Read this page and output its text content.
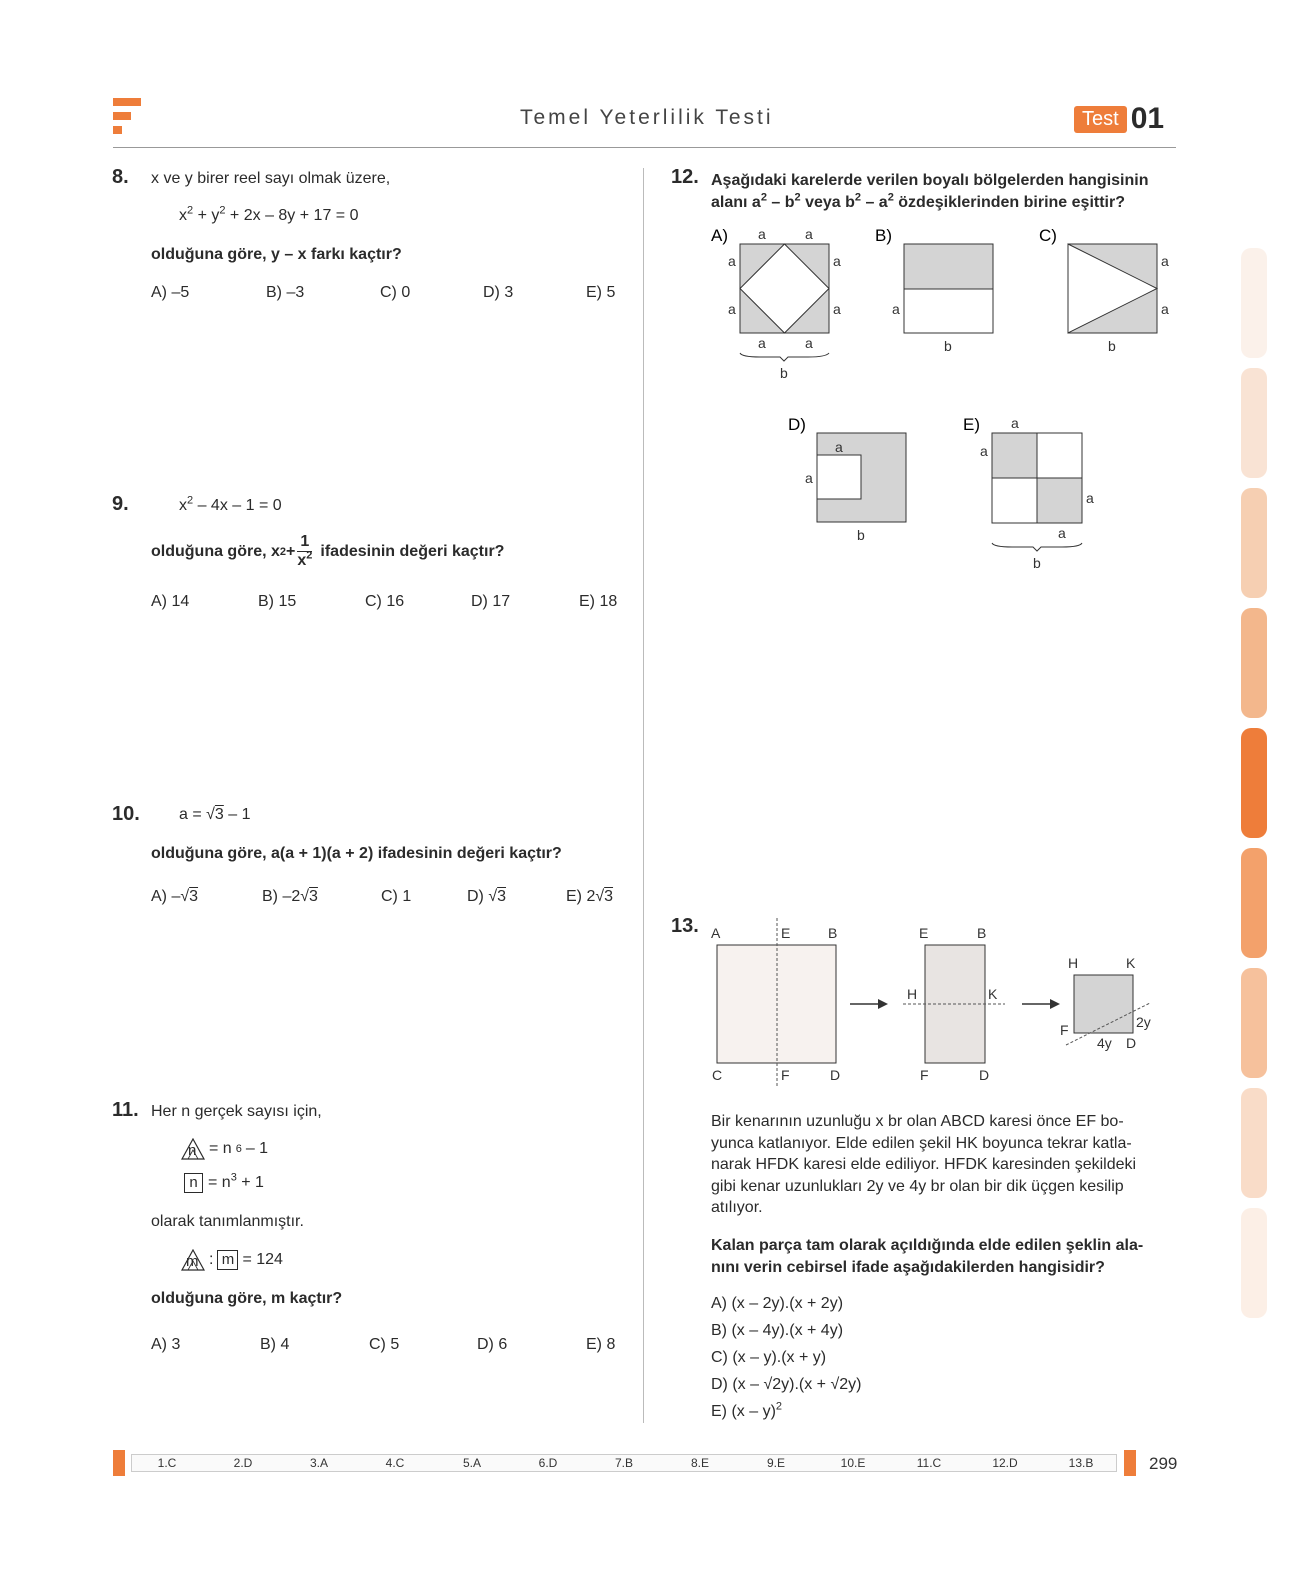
Temel Yeterlilik Testi	Test 01
8. x ve y birer reel sayı olmak üzere,
$x^2 + y^2 + 2x - 8y + 17 = 0$
olduğuna göre, y – x farkı kaçtır?
A) –5	B) –3	C) 0	D) 3	E) 5
9.	$x^2 - 4x - 1 = 0$
olduğuna göre, x $2 + \frac{1}{x^2}$ ifadesinin değeri kaçtır?
A) 14	B) 15	C) 16	D) 17	E) 18
10. a = √3 – 1
olduğuna göre, a(a + 1)(a + 2) ifadesinin değeri kaçtır?
A) –√3	B) –2√3	C) 1	D) √3	E) 2√3
11. Her n gerçek sayısı için,
n = n 6 – 1
$n = n^3 + 1$
olarak tanımlanmıştır.
m : m = 124
olduğuna göre, m kaçtır?
A) 3	B) 4	C) 5	D) 6	E) 8
12. Aşağıdaki karelerde verilen boyalı bölgelerden hangisinin
alanı $a^2 - b^2$ veya $b^2 - a^2$ özdeşiklerinden birine eşittir?
A) a	a
a
a
a
a
a	a
b
B)
a
b
C)
a
a
b
D)
a
a
b
E) a
a
a
a
b
A	E	B
C	F	D
E	B
H	K
F	D
H	K
F
D
2y
4y
13.
Bir kenarının uzunluğu x br olan ABCD karesi önce EF bo-
yunca katlanıyor. Elde edilen şekil HK boyunca tekrar katla-
narak HFDK karesi elde ediliyor. HFDK karesinden şekildeki
gibi kenar uzunlukları 2y ve 4y br olan bir dik üçgen kesilip
atılıyor.
Kalan parça tam olarak açıldığında elde edilen şeklin ala-
nını verin cebirsel ifade aşağıdakilerden hangisidir?
A) (x – 2y).(x + 2y)
B) (x – 4y).(x + 4y)
C) (x – y).(x + y)
D) (x – √2y).(x + √2y)
E) (x – y)$^2$
1.C	2.D	3.A	4.C	5.A	6.D	7.B	8.E	9.E	10.E	11.C	12.D	13.B	299
